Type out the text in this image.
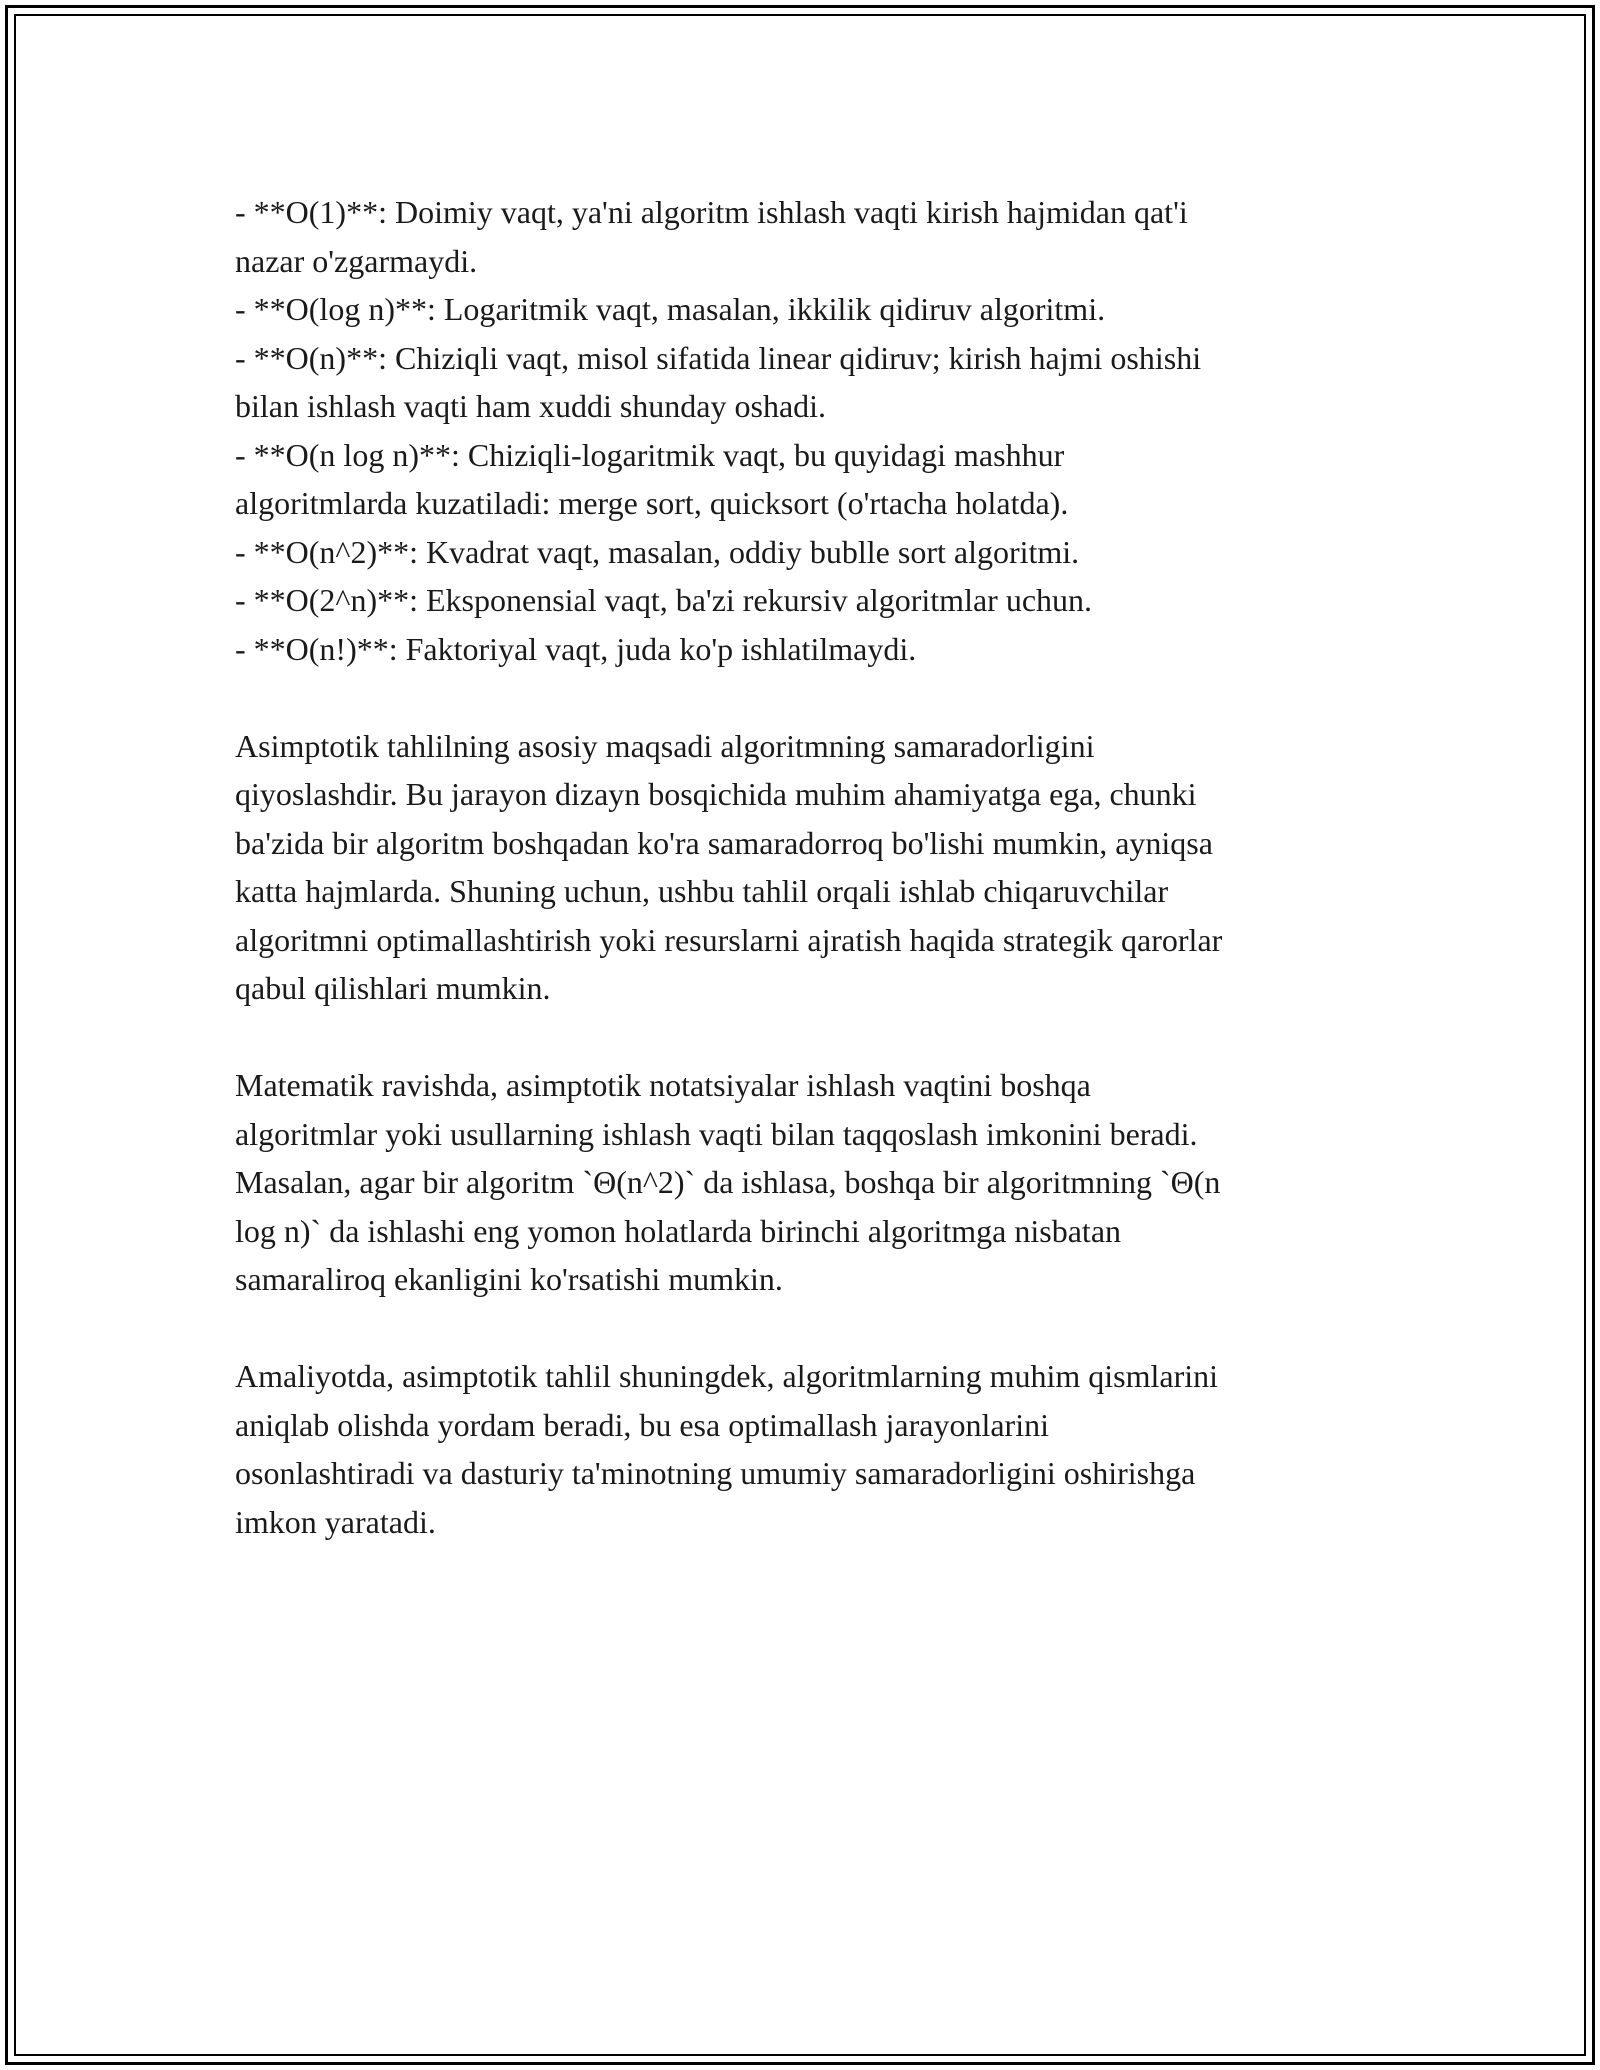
- **O(1)**: Doimiy vaqt, ya'ni algoritm ishlash vaqti kirish hajmidan qat'i
nazar o'zgarmaydi.
- **O(log n)**: Logaritmik vaqt, masalan, ikkilik qidiruv algoritmi.
- **O(n)**: Chiziqli vaqt, misol sifatida linear qidiruv; kirish hajmi oshishi
bilan ishlash vaqti ham xuddi shunday oshadi.
- **O(n log n)**: Chiziqli-logaritmik vaqt, bu quyidagi mashhur
algoritmlarda kuzatiladi: merge sort, quicksort (o'rtacha holatda).
- **O(n^2)**: Kvadrat vaqt, masalan, oddiy bublle sort algoritmi.
- **O(2^n)**: Eksponensial vaqt, ba'zi rekursiv algoritmlar uchun.
- **O(n!)**: Faktoriyal vaqt, juda ko'p ishlatilmaydi.
Asimptotik tahlilning asosiy maqsadi algoritmning samaradorligini
qiyoslashdir. Bu jarayon dizayn bosqichida muhim ahamiyatga ega, chunki
ba'zida bir algoritm boshqadan ko'ra samaradorroq bo'lishi mumkin, ayniqsa
katta hajmlarda. Shuning uchun, ushbu tahlil orqali ishlab chiqaruvchilar
algoritmni optimallashtirish yoki resurslarni ajratish haqida strategik qarorlar
qabul qilishlari mumkin.
Matematik ravishda, asimptotik notatsiyalar ishlash vaqtini boshqa
algoritmlar yoki usullarning ishlash vaqti bilan taqqoslash imkonini beradi.
Masalan, agar bir algoritm `Θ(n^2)` da ishlasa, boshqa bir algoritmning `Θ(n
log n)` da ishlashi eng yomon holatlarda birinchi algoritmga nisbatan
samaraliroq ekanligini ko'rsatishi mumkin.
Amaliyotda, asimptotik tahlil shuningdek, algoritmlarning muhim qismlarini
aniqlab olishda yordam beradi, bu esa optimallash jarayonlarini
osonlashtiradi va dasturiy ta'minotning umumiy samaradorligini oshirishga
imkon yaratadi.
